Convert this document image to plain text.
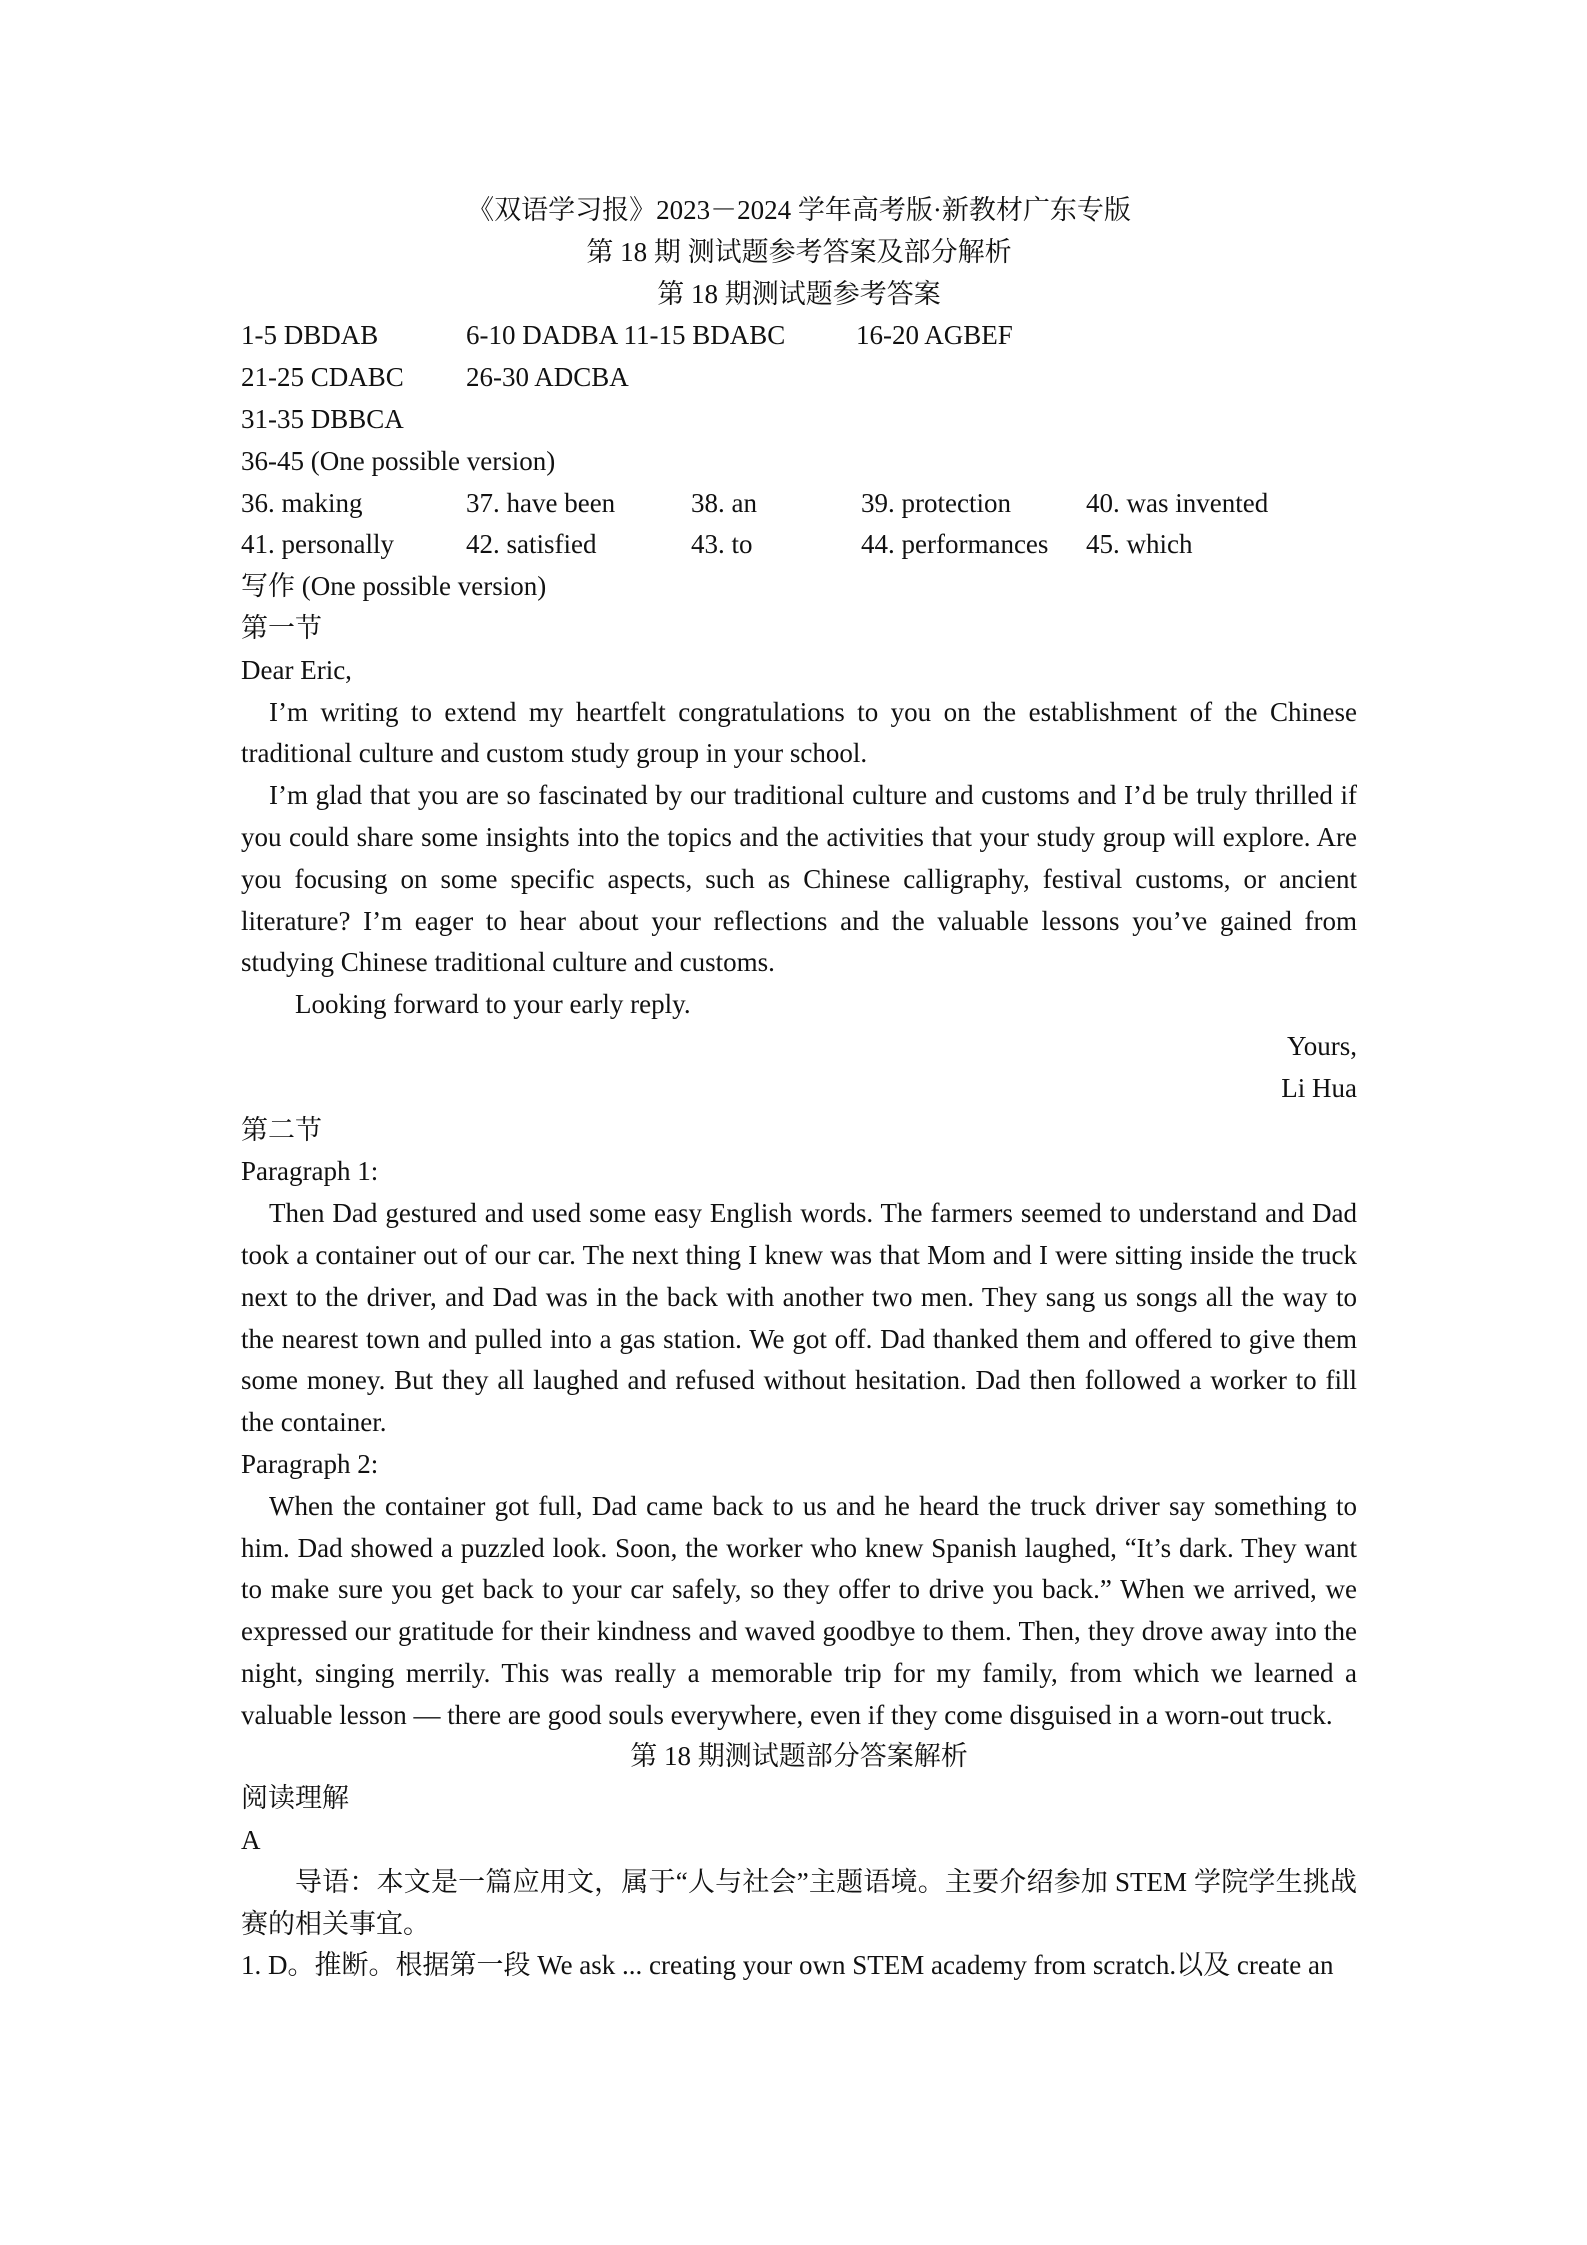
《双语学习报》2023－2024 学年高考版·新教材广东专版
第 18 期 测试题参考答案及部分解析
第 18 期测试题参考答案
1-5 DBDAB	6-10 DADBA 11-15 BDABC	16-20 AGBEF
21-25 CDABC	26-30 ADCBA
31-35 DBBCA
36-45 (One possible version)
36. making	37. have been	38. an	39. protection	40. was invented
41. personally	42. satisfied	43. to	44. performances	45. which
写作 (One possible version)
第一节
Dear Eric,
I’m writing to extend my heartfelt congratulations to you on the establishment of the Chinese traditional culture and custom study group in your school.
I’m glad that you are so fascinated by our traditional culture and customs and I’d be truly thrilled if you could share some insights into the topics and the activities that your study group will explore. Are you focusing on some specific aspects, such as Chinese calligraphy, festival customs, or ancient literature? I’m eager to hear about your reflections and the valuable lessons you’ve gained from studying Chinese traditional culture and customs.
Looking forward to your early reply.
Yours,
Li Hua
第二节
Paragraph 1:
Then Dad gestured and used some easy English words. The farmers seemed to understand and Dad took a container out of our car. The next thing I knew was that Mom and I were sitting inside the truck next to the driver, and Dad was in the back with another two men. They sang us songs all the way to the nearest town and pulled into a gas station. We got off. Dad thanked them and offered to give them some money. But they all laughed and refused without hesitation. Dad then followed a worker to fill the container.
Paragraph 2:
When the container got full, Dad came back to us and he heard the truck driver say something to him. Dad showed a puzzled look. Soon, the worker who knew Spanish laughed, “It’s dark. They want to make sure you get back to your car safely, so they offer to drive you back.” When we arrived, we expressed our gratitude for their kindness and waved goodbye to them. Then, they drove away into the night, singing merrily. This was really a memorable trip for my family, from which we learned a valuable lesson — there are good souls everywhere, even if they come disguised in a worn-out truck.
第 18 期测试题部分答案解析
阅读理解
A
导语：本文是一篇应用文，属于“人与社会”主题语境。主要介绍参加 STEM 学院学生挑战赛的相关事宜。
1. D。推断。根据第一段 We ask ... creating your own STEM academy from scratch.以及 create an
